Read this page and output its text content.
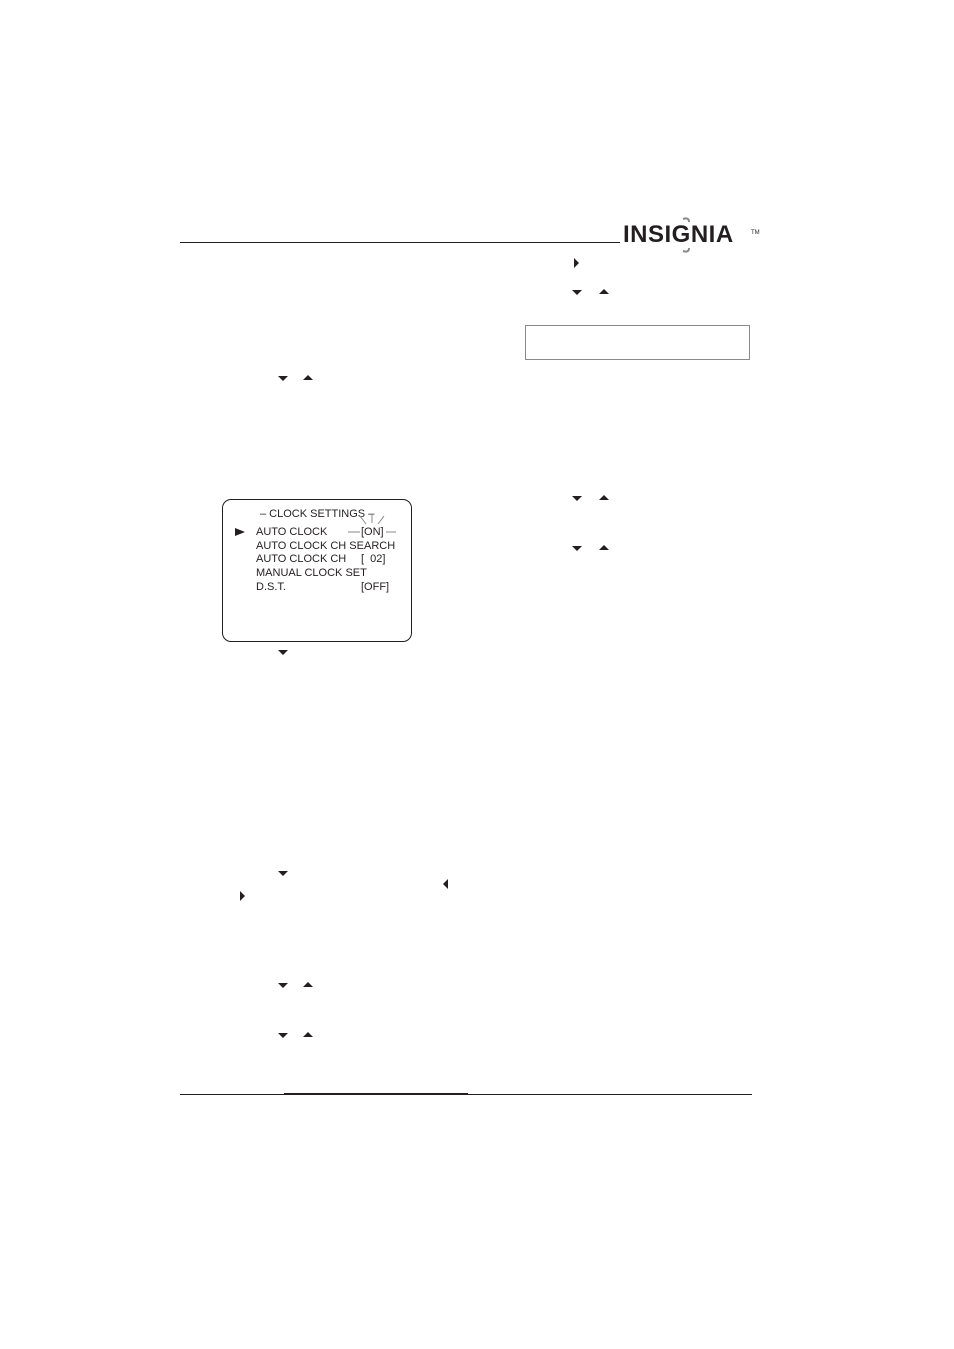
INSIGNIA	TM
– CLOCK SETTINGS –
AUTO CLOCK	[ON]
AUTO CLOCK CH SEARCH
AUTO CLOCK CH [  02]
MANUAL CLOCK SET
D.S.T.	[OFF]
